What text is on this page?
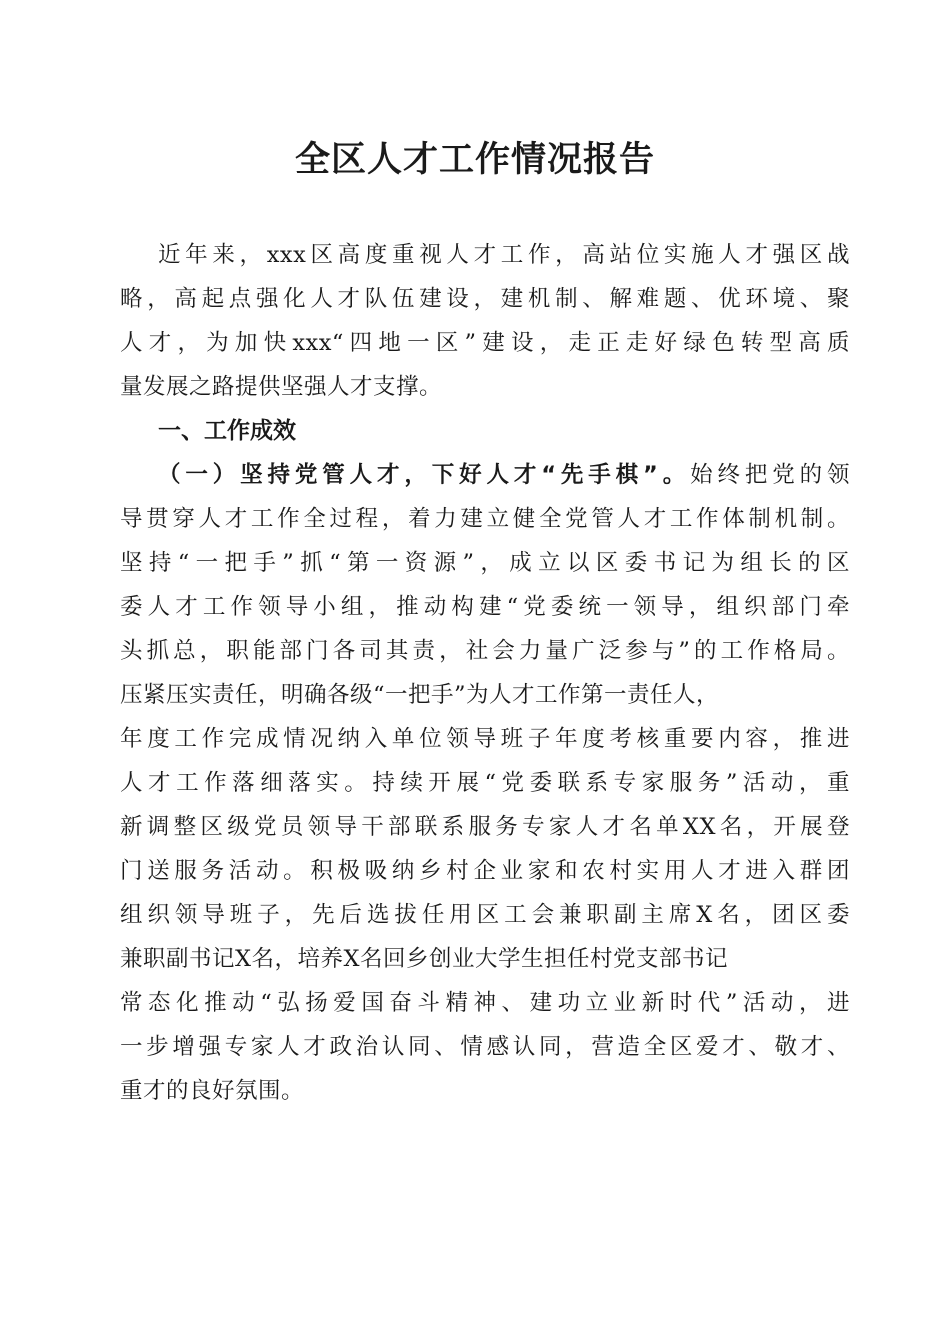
全区人才工作情况报告
近年来，xxx区高度重视人才工作，高站位实施人才强区战
略，高起点强化人才队伍建设，建机制、解难题、优环境、聚
人才，为加快xxx“四地一区”建设，走正走好绿色转型高质
量发展之路提供坚强人才支撑。
一、工作成效
（一）坚持党管人才，下好人才“先手棋”。始终把党的领
导贯穿人才工作全过程，着力建立健全党管人才工作体制机制。
坚持“一把手”抓“第一资源”，成立以区委书记为组长的区
委人才工作领导小组，推动构建“党委统一领导，组织部门牵
头抓总，职能部门各司其责，社会力量广泛参与”的工作格局。
压紧压实责任，明确各级“一把手”为人才工作第一责任人，
年度工作完成情况纳入单位领导班子年度考核重要内容，推进
人才工作落细落实。持续开展“党委联系专家服务”活动，重
新调整区级党员领导干部联系服务专家人才名单XX名，开展登
门送服务活动。积极吸纳乡村企业家和农村实用人才进入群团
组织领导班子，先后选拔任用区工会兼职副主席X名，团区委
兼职副书记X名，培养X名回乡创业大学生担任村党支部书记
常态化推动“弘扬爱国奋斗精神、建功立业新时代”活动，进
一步增强专家人才政治认同、情感认同，营造全区爱才、敬才、
重才的良好氛围。
